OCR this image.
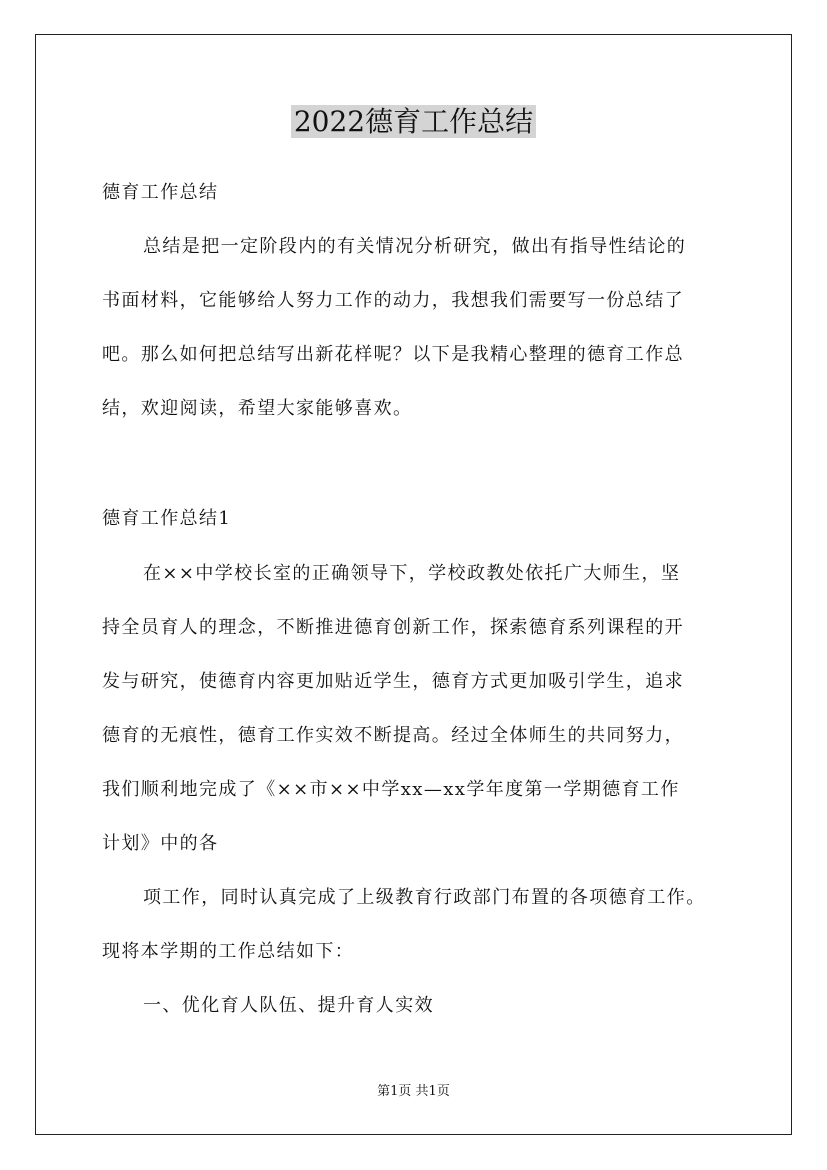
2022德育工作总结
德育工作总结
总结是把一定阶段内的有关情况分析研究，做出有指导性结论的
书面材料，它能够给人努力工作的动力，我想我们需要写一份总结了
吧。那么如何把总结写出新花样呢？以下是我精心整理的德育工作总
结，欢迎阅读，希望大家能够喜欢。
德育工作总结1
在××中学校长室的正确领导下，学校政教处依托广大师生，坚
持全员育人的理念，不断推进德育创新工作，探索德育系列课程的开
发与研究，使德育内容更加贴近学生，德育方式更加吸引学生，追求
德育的无痕性，德育工作实效不断提高。经过全体师生的共同努力，
我们顺利地完成了《××市××中学xx—xx学年度第一学期德育工作
计划》中的各
项工作，同时认真完成了上级教育行政部门布置的各项德育工作。
现将本学期的工作总结如下：
一、优化育人队伍、提升育人实效
第1页 共1页
